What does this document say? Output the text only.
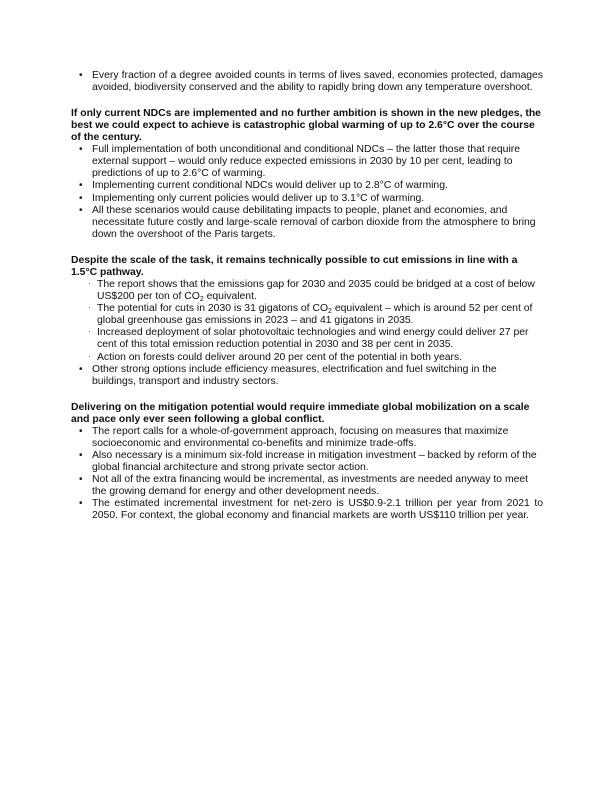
• Every fraction of a degree avoided counts in terms of lives saved, economies protected, damages avoided, biodiversity conserved and the ability to rapidly bring down any temperature overshoot.

If only current NDCs are implemented and no further ambition is shown in the new pledges, the best we could expect to achieve is catastrophic global warming of up to 2.6°C over the course of the century.

• Full implementation of both unconditional and conditional NDCs – the latter those that require external support – would only reduce expected emissions in 2030 by 10 per cent, leading to predictions of up to 2.6°C of warming.
• Implementing current conditional NDCs would deliver up to 2.8°C of warming.
• Implementing only current policies would deliver up to 3.1°C of warming.
• All these scenarios would cause debilitating impacts to people, planet and economies, and necessitate future costly and large-scale removal of carbon dioxide from the atmosphere to bring down the overshoot of the Paris targets.

Despite the scale of the task, it remains technically possible to cut emissions in line with a 1.5°C pathway.

· The report shows that the emissions gap for 2030 and 2035 could be bridged at a cost of below US$200 per ton of $CO_2$ equivalent.
· The potential for cuts in 2030 is 31 gigatons of $CO_2$ equivalent – which is around 52 per cent of global greenhouse gas emissions in 2023 – and 41 gigatons in 2035.
· Increased deployment of solar photovoltaic technologies and wind energy could deliver 27 per cent of this total emission reduction potential in 2030 and 38 per cent in 2035.
· Action on forests could deliver around 20 per cent of the potential in both years.
• Other strong options include efficiency measures, electrification and fuel switching in the buildings, transport and industry sectors.

Delivering on the mitigation potential would require immediate global mobilization on a scale and pace only ever seen following a global conflict.

• The report calls for a whole-of-government approach, focusing on measures that maximize socioeconomic and environmental co-benefits and minimize trade-offs.
• Also necessary is a minimum six-fold increase in mitigation investment – backed by reform of the global financial architecture and strong private sector action.
• Not all of the extra financing would be incremental, as investments are needed anyway to meet the growing demand for energy and other development needs.
• The estimated incremental investment for net-zero is US$0.9-2.1 trillion per year from 2021 to 2050. For context, the global economy and financial markets are worth US$110 trillion per year.
